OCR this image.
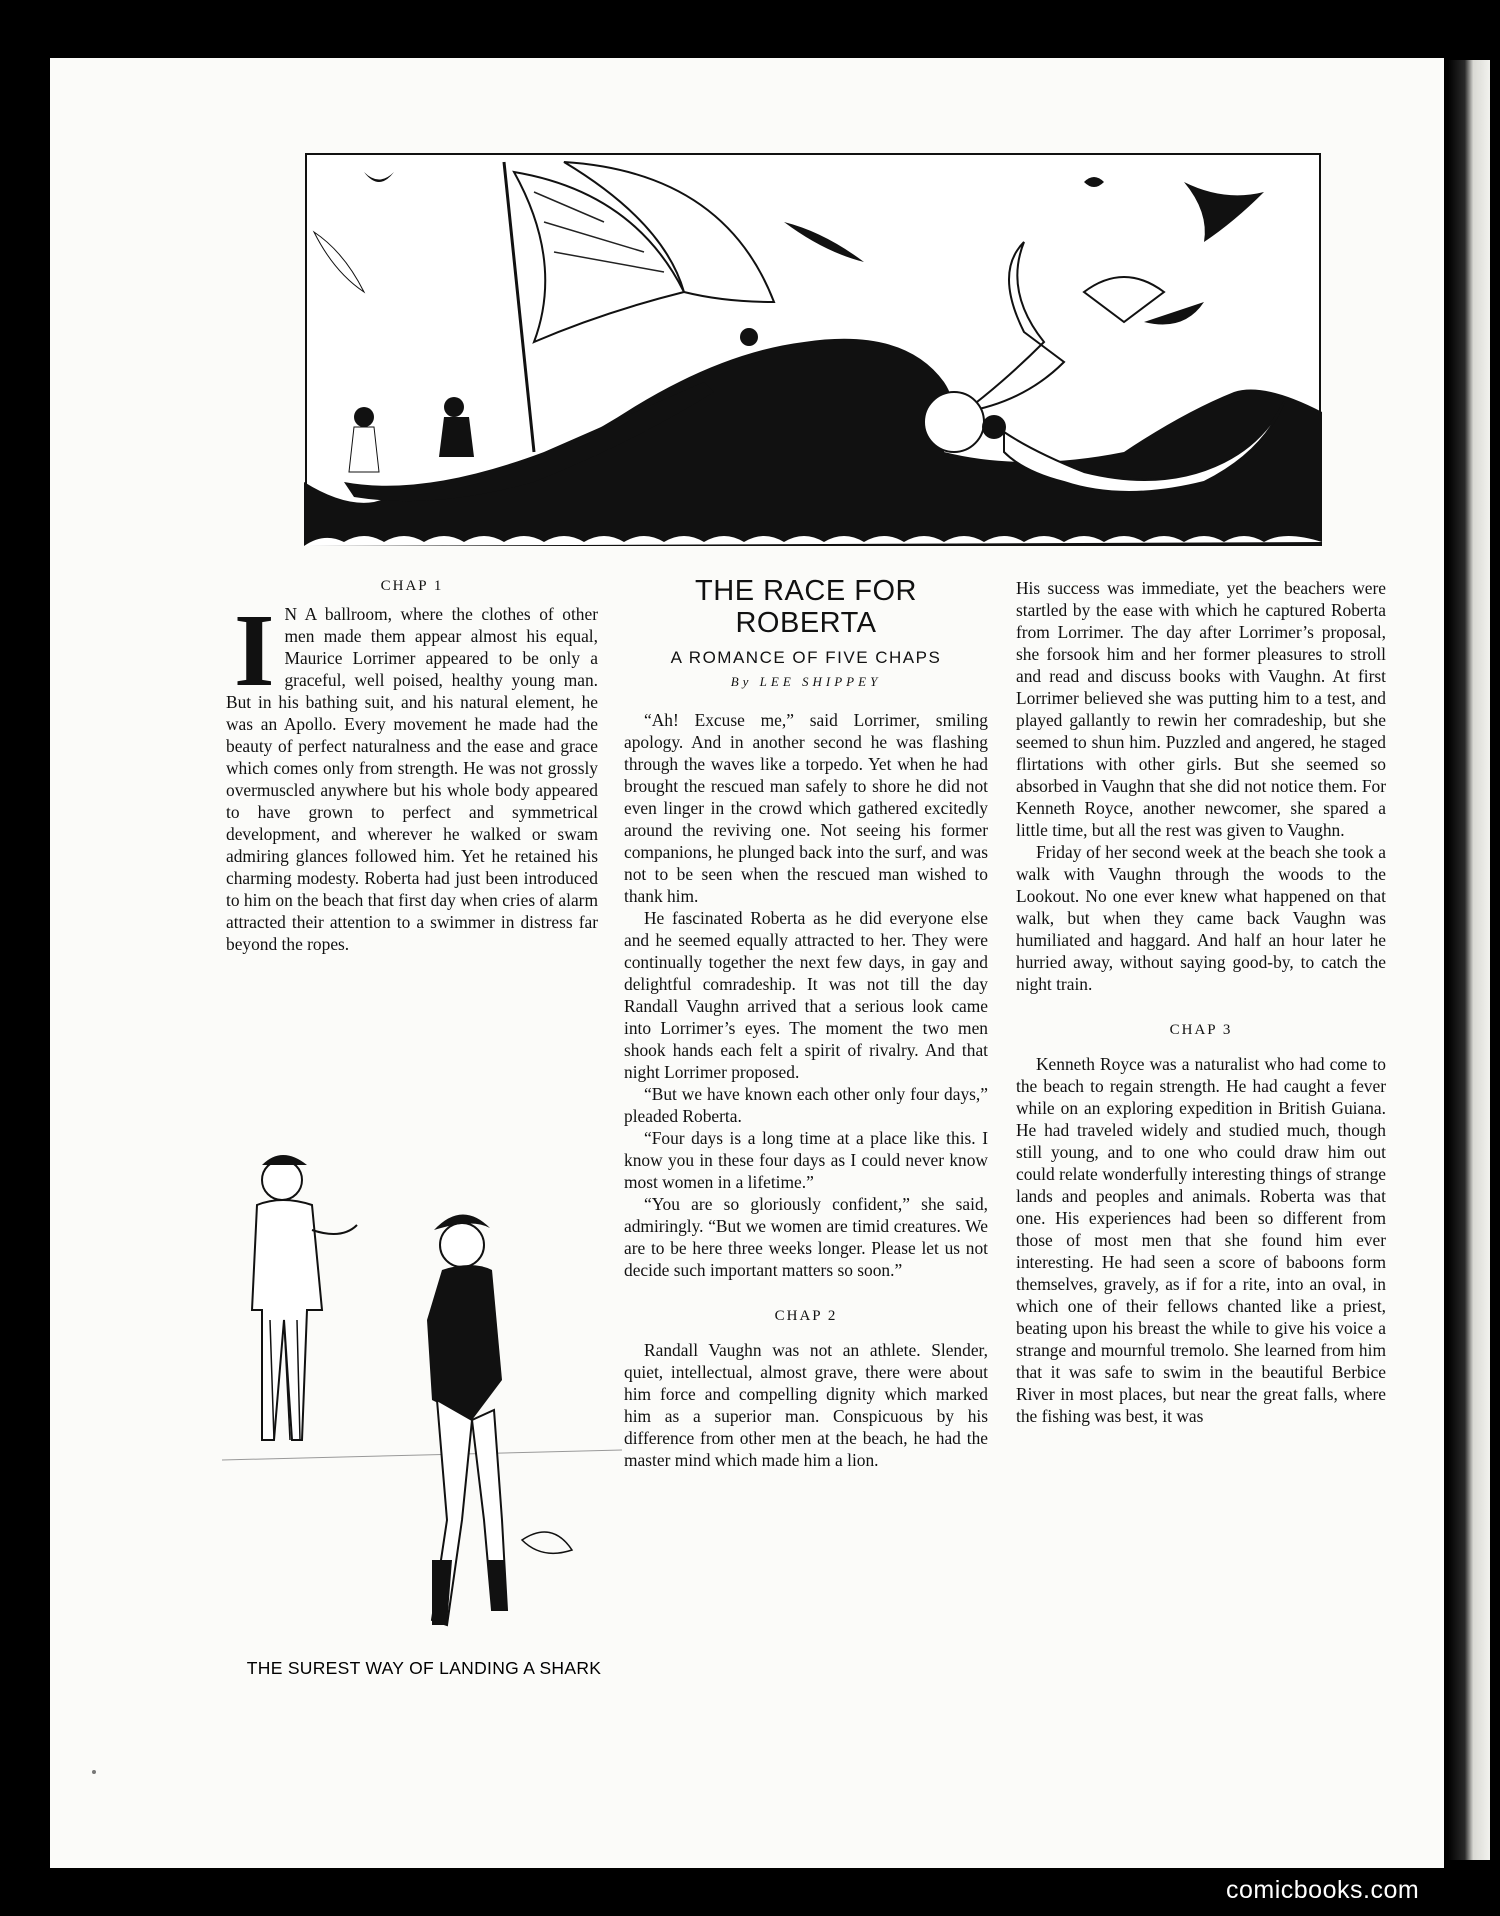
CHAP 1

I N A ballroom, where the clothes of other men made them appear almost his equal, Maurice Lorrimer appeared to be only a graceful, well poised, healthy young man. But in his bathing suit, and his natural element, he was an Apollo. Every movement he made had the beauty of perfect naturalness and the ease and grace which comes only from strength. He was not grossly overmuscled anywhere but his whole body appeared to have grown to perfect and symmetrical development, and wherever he walked or swam admiring glances followed him. Yet he retained his charming modesty. Roberta had just been introduced to him on the beach that first day when cries of alarm attracted their attention to a swimmer in distress far beyond the ropes.

THE SUREST WAY OF LANDING A SHARK
THE RACE FOR ROBERTA
A ROMANCE OF FIVE CHAPS
By LEE SHIPPEY

“Ah! Excuse me,” said Lorrimer, smiling apology. And in another second he was flashing through the waves like a torpedo. Yet when he had brought the rescued man safely to shore he did not even linger in the crowd which gathered excitedly around the reviving one. Not seeing his former companions, he plunged back into the surf, and was not to be seen when the rescued man wished to thank him.

He fascinated Roberta as he did everyone else and he seemed equally attracted to her. They were continually together the next few days, in gay and delightful comradeship. It was not till the day Randall Vaughn arrived that a serious look came into Lorrimer’s eyes. The moment the two men shook hands each felt a spirit of rivalry. And that night Lorrimer proposed.

“But we have known each other only four days,” pleaded Roberta.

“Four days is a long time at a place like this. I know you in these four days as I could never know most women in a lifetime.”

“You are so gloriously confident,” she said, admiringly. “But we women are timid creatures. We are to be here three weeks longer. Please let us not decide such important matters so soon.”

CHAP 2

Randall Vaughn was not an athlete. Slender, quiet, intellectual, almost grave, there were about him force and compelling dignity which marked him as a superior man. Conspicuous by his difference from other men at the beach, he had the master mind which made him a lion.

His success was immediate, yet the beachers were startled by the ease with which he captured Roberta from Lorrimer. The day after Lorrimer’s proposal, she forsook him and her former pleasures to stroll and read and discuss books with Vaughn. At first Lorrimer believed she was putting him to a test, and played gallantly to rewin her comradeship, but she seemed to shun him. Puzzled and angered, he staged flirtations with other girls. But she seemed so absorbed in Vaughn that she did not notice them. For Kenneth Royce, another newcomer, she spared a little time, but all the rest was given to Vaughn.

Friday of her second week at the beach she took a walk with Vaughn through the woods to the Lookout. No one ever knew what happened on that walk, but when they came back Vaughn was humiliated and haggard. And half an hour later he hurried away, without saying good-by, to catch the night train.

CHAP 3

Kenneth Royce was a naturalist who had come to the beach to regain strength. He had caught a fever while on an exploring expedition in British Guiana. He had traveled widely and studied much, though still young, and to one who could draw him out could relate wonderfully interesting things of strange lands and peoples and animals. Roberta was that one. His experiences had been so different from those of most men that she found him ever interesting. He had seen a score of baboons form themselves, gravely, as if for a rite, into an oval, in which one of their fellows chanted like a priest, beating upon his breast the while to give his voice a strange and mournful tremolo. She learned from him that it was safe to swim in the beautiful Berbice River in most places, but near the great falls, where the fishing was best, it was

comicbooks.com
